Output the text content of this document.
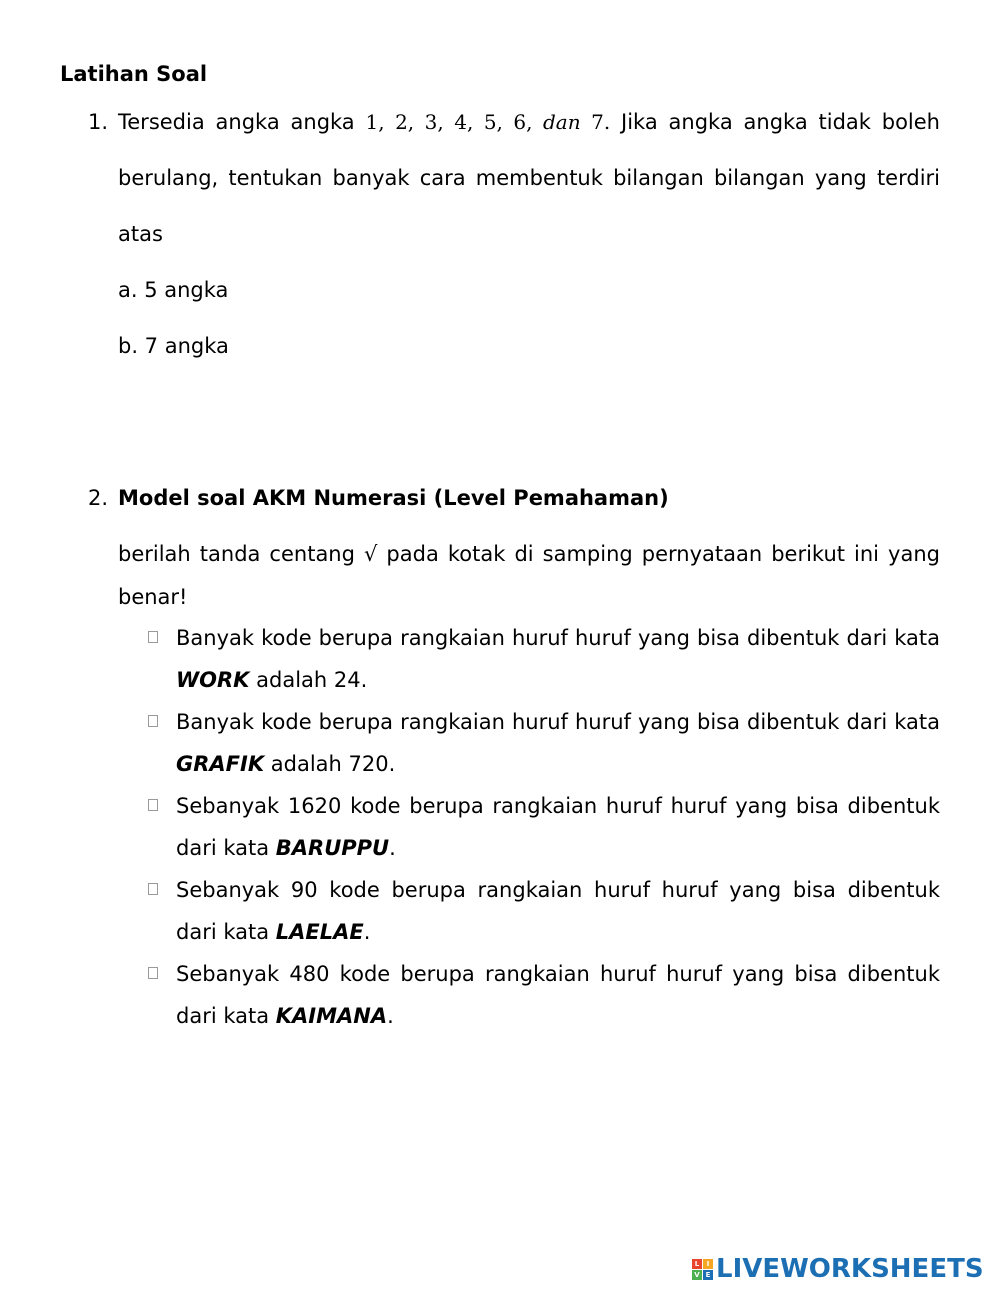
Latihan Soal
1. Tersedia angka angka 1, 2, 3, 4, 5, 6, dan 7. Jika angka angka tidak boleh berulang, tentukan banyak cara membentuk bilangan bilangan yang terdiri atas

a. 5 angka
b. 7 angka
2. Model soal AKM Numerasi (Level Pemahaman)

berilah tanda centang √ pada kotak di samping pernyataan berikut ini yang benar!

Banyak kode berupa rangkaian huruf huruf yang bisa dibentuk dari kata WORK adalah 24.
Banyak kode berupa rangkaian huruf huruf yang bisa dibentuk dari kata GRAFIK adalah 720.
Sebanyak 1620 kode berupa rangkaian huruf huruf yang bisa dibentuk dari kata BARUPPU.
Sebanyak 90 kode berupa rangkaian huruf huruf yang bisa dibentuk dari kata LAELAE.
Sebanyak 480 kode berupa rangkaian huruf huruf yang bisa dibentuk dari kata KAIMANA.
L	I
V E LIVEWORKSHEETS
